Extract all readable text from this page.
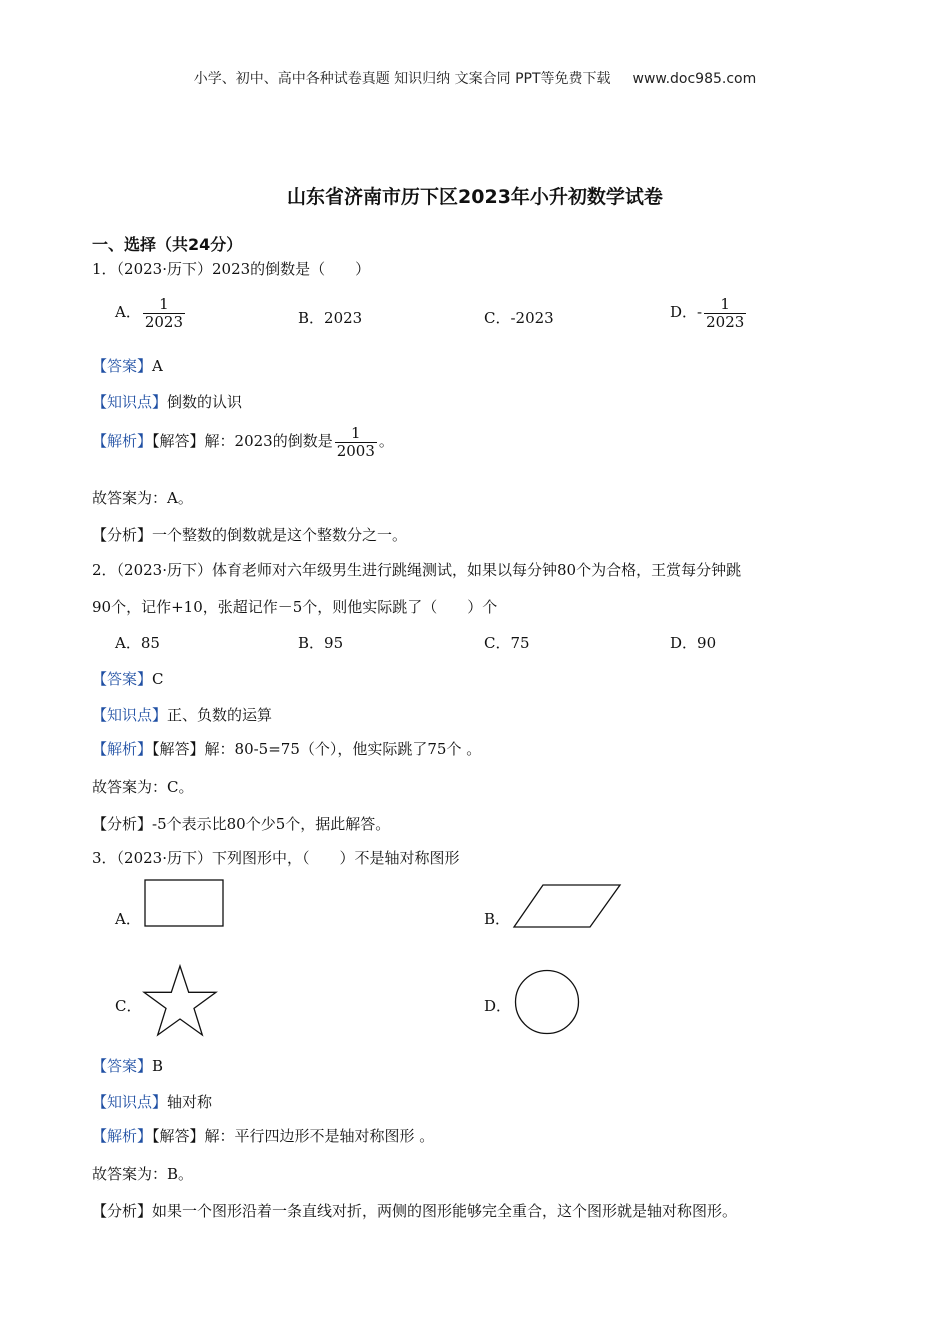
小学、初中、高中各种试卷真题 知识归纳 文案合同 PPT等免费下载 www.doc985.com
山东省济南市历下区2023年小升初数学试卷
一、选择（共24分）
1．（2023·历下）2023的倒数是（　　）
A． $\frac{1}{2023}$	B．2023	C．-2023	D．- $\frac{1}{2023}$
【答案】A
【知识点】倒数的认识
【解析】【解答】解：2023的倒数是 $\frac{1}{2003}$ 。
故答案为：A。
【分析】一个整数的倒数就是这个整数分之一。
2．（2023·历下）体育老师对六年级男生进行跳绳测试，如果以每分钟80个为合格，王赏每分钟跳
90个，记作+10，张超记作－5个，则他实际跳了（　　）个
A．85	B．95	C．75	D．90
【答案】C
【知识点】正、负数的运算
【解析】【解答】解：80-5=75（个），他实际跳了75个 。
故答案为：C。
【分析】-5个表示比80个少5个，据此解答。
3．（2023·历下）下列图形中，（　　）不是轴对称图形
A．	B．
C．	D．
【答案】B
【知识点】轴对称
【解析】【解答】解：平行四边形不是轴对称图形 。
故答案为：B。
【分析】如果一个图形沿着一条直线对折，两侧的图形能够完全重合，这个图形就是轴对称图形。
